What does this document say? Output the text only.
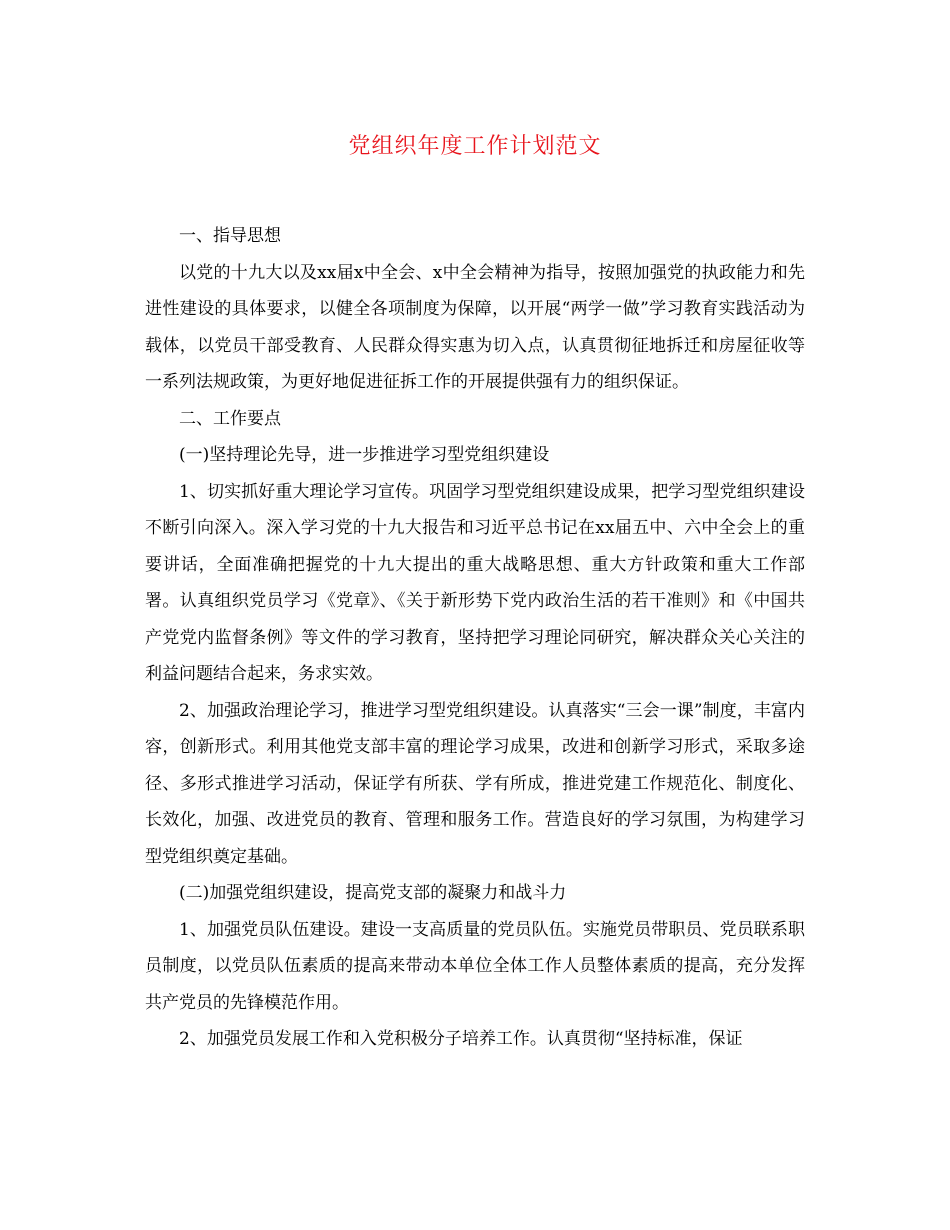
党组织年度工作计划范文

一、指导思想

以党的十九大以及xx届x中全会、x中全会精神为指导，按照加强党的执政能力和先进性建设的具体要求，以健全各项制度为保障，以开展“两学一做”学习教育实践活动为载体，以党员干部受教育、人民群众得实惠为切入点，认真贯彻征地拆迁和房屋征收等一系列法规政策，为更好地促进征拆工作的开展提供强有力的组织保证。

二、工作要点

(一)坚持理论先导，进一步推进学习型党组织建设

1、切实抓好重大理论学习宣传。巩固学习型党组织建设成果，把学习型党组织建设不断引向深入。深入学习党的十九大报告和习近平总书记在xx届五中、六中全会上的重要讲话，全面准确把握党的十九大提出的重大战略思想、重大方针政策和重大工作部署。认真组织党员学习《党章》、《关于新形势下党内政治生活的若干准则》和《中国共产党党内监督条例》等文件的学习教育，坚持把学习理论同研究，解决群众关心关注的利益问题结合起来，务求实效。

2、加强政治理论学习，推进学习型党组织建设。认真落实“三会一课”制度，丰富内容，创新形式。利用其他党支部丰富的理论学习成果，改进和创新学习形式，采取多途径、多形式推进学习活动，保证学有所获、学有所成，推进党建工作规范化、制度化、长效化，加强、改进党员的教育、管理和服务工作。营造良好的学习氛围，为构建学习型党组织奠定基础。

(二)加强党组织建设，提高党支部的凝聚力和战斗力

1、加强党员队伍建设。建设一支高质量的党员队伍。实施党员带职员、党员联系职员制度，以党员队伍素质的提高来带动本单位全体工作人员整体素质的提高，充分发挥共产党员的先锋模范作用。

2、加强党员发展工作和入党积极分子培养工作。认真贯彻“坚持标准，保证
